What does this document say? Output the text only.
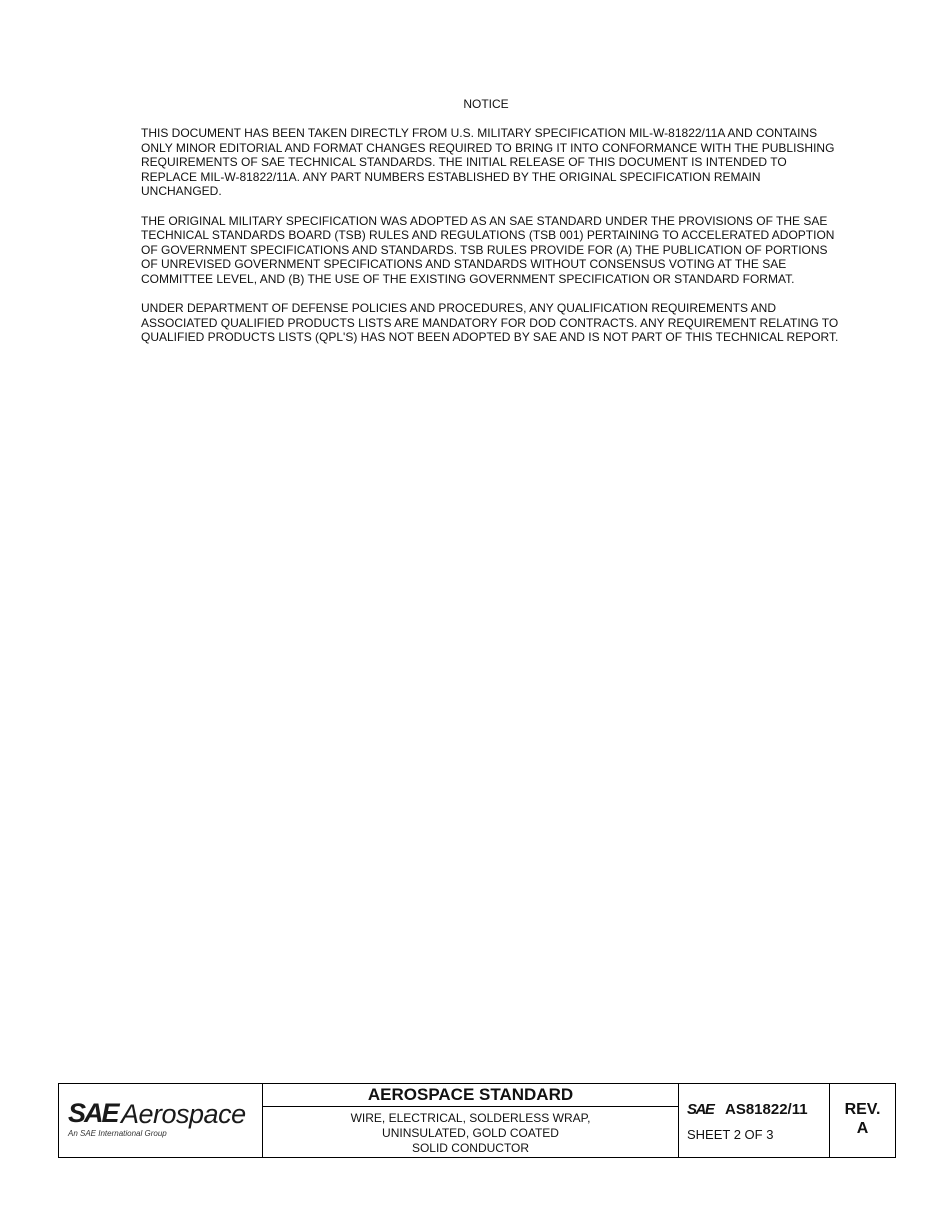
NOTICE

THIS DOCUMENT HAS BEEN TAKEN DIRECTLY FROM U.S. MILITARY SPECIFICATION MIL-W-81822/11A AND CONTAINS ONLY MINOR EDITORIAL AND FORMAT CHANGES REQUIRED TO BRING IT INTO CONFORMANCE WITH THE PUBLISHING REQUIREMENTS OF SAE TECHNICAL STANDARDS. THE INITIAL RELEASE OF THIS DOCUMENT IS INTENDED TO REPLACE MIL-W-81822/11A. ANY PART NUMBERS ESTABLISHED BY THE ORIGINAL SPECIFICATION REMAIN UNCHANGED.

THE ORIGINAL MILITARY SPECIFICATION WAS ADOPTED AS AN SAE STANDARD UNDER THE PROVISIONS OF THE SAE TECHNICAL STANDARDS BOARD (TSB) RULES AND REGULATIONS (TSB 001) PERTAINING TO ACCELERATED ADOPTION OF GOVERNMENT SPECIFICATIONS AND STANDARDS. TSB RULES PROVIDE FOR (A) THE PUBLICATION OF PORTIONS OF UNREVISED GOVERNMENT SPECIFICATIONS AND STANDARDS WITHOUT CONSENSUS VOTING AT THE SAE COMMITTEE LEVEL, AND (B) THE USE OF THE EXISTING GOVERNMENT SPECIFICATION OR STANDARD FORMAT.

UNDER DEPARTMENT OF DEFENSE POLICIES AND PROCEDURES, ANY QUALIFICATION REQUIREMENTS AND ASSOCIATED QUALIFIED PRODUCTS LISTS ARE MANDATORY FOR DOD CONTRACTS. ANY REQUIREMENT RELATING TO QUALIFIED PRODUCTS LISTS (QPL'S) HAS NOT BEEN ADOPTED BY SAE AND IS NOT PART OF THIS TECHNICAL REPORT.

SAE Aerospace
An SAE International Group
AEROSPACE STANDARD
WIRE, ELECTRICAL, SOLDERLESS WRAP,
UNINSULATED, GOLD COATED
SOLID CONDUCTOR
SAE AS81822/11
SHEET 2 OF 3
REV.
A
